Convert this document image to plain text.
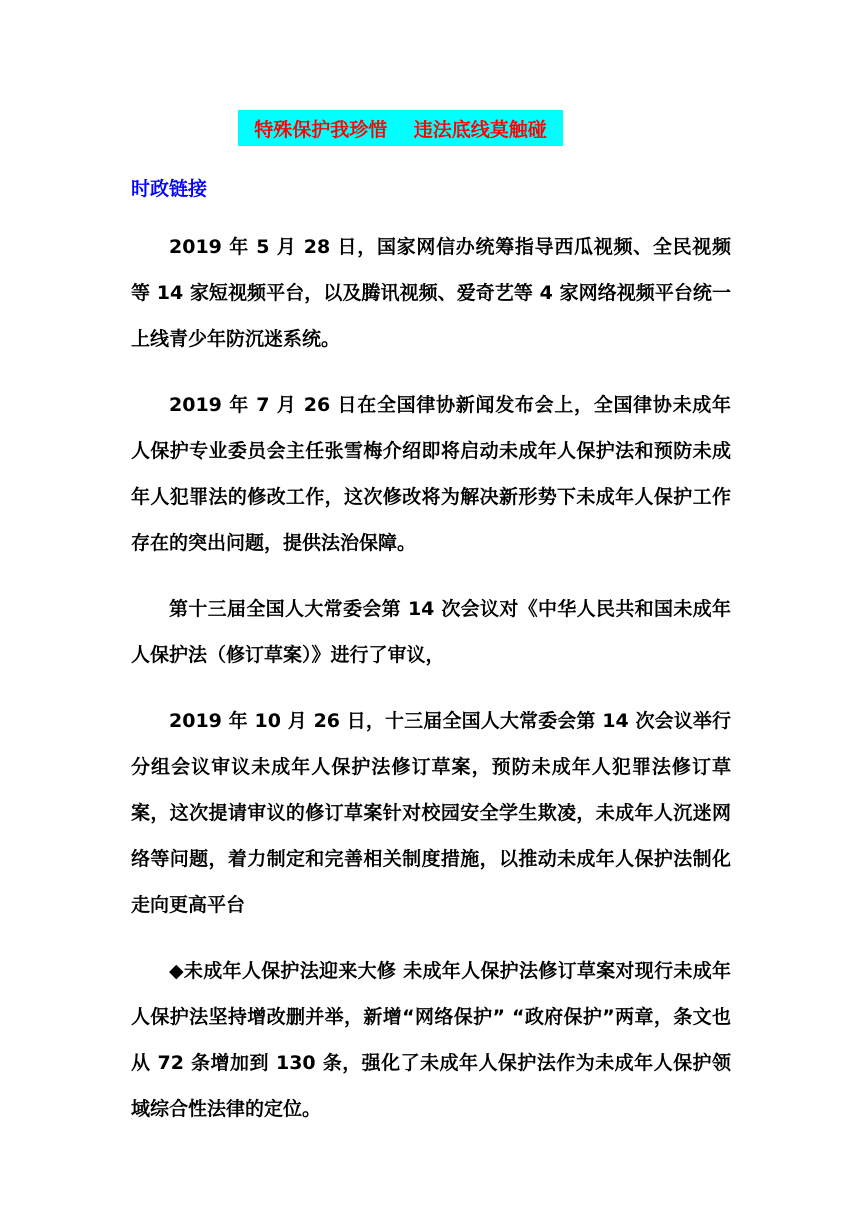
特殊保护我珍惜    违法底线莫触碰
时政链接

2019 年 5 月 28 日，国家网信办统筹指导西瓜视频、全民视频等 14 家短视频平台，以及腾讯视频、爱奇艺等 4 家网络视频平台统一上线青少年防沉迷系统。

2019 年 7 月 26 日在全国律协新闻发布会上，全国律协未成年人保护专业委员会主任张雪梅介绍即将启动未成年人保护法和预防未成年人犯罪法的修改工作，这次修改将为解决新形势下未成年人保护工作存在的突出问题，提供法治保障。

第十三届全国人大常委会第 14 次会议对《中华人民共和国未成年人保护法（修订草案）》进行了审议，

2019 年 10 月 26 日，十三届全国人大常委会第 14 次会议举行分组会议审议未成年人保护法修订草案，预防未成年人犯罪法修订草案，这次提请审议的修订草案针对校园安全学生欺凌，未成年人沉迷网络等问题，着力制定和完善相关制度措施，以推动未成年人保护法制化走向更高平台

◆未成年人保护法迎来大修 未成年人保护法修订草案对现行未成年人保护法坚持增改删并举，新增“网络保护” “政府保护”两章，条文也从 72 条增加到 130 条，强化了未成年人保护法作为未成年人保护领域综合性法律的定位。
